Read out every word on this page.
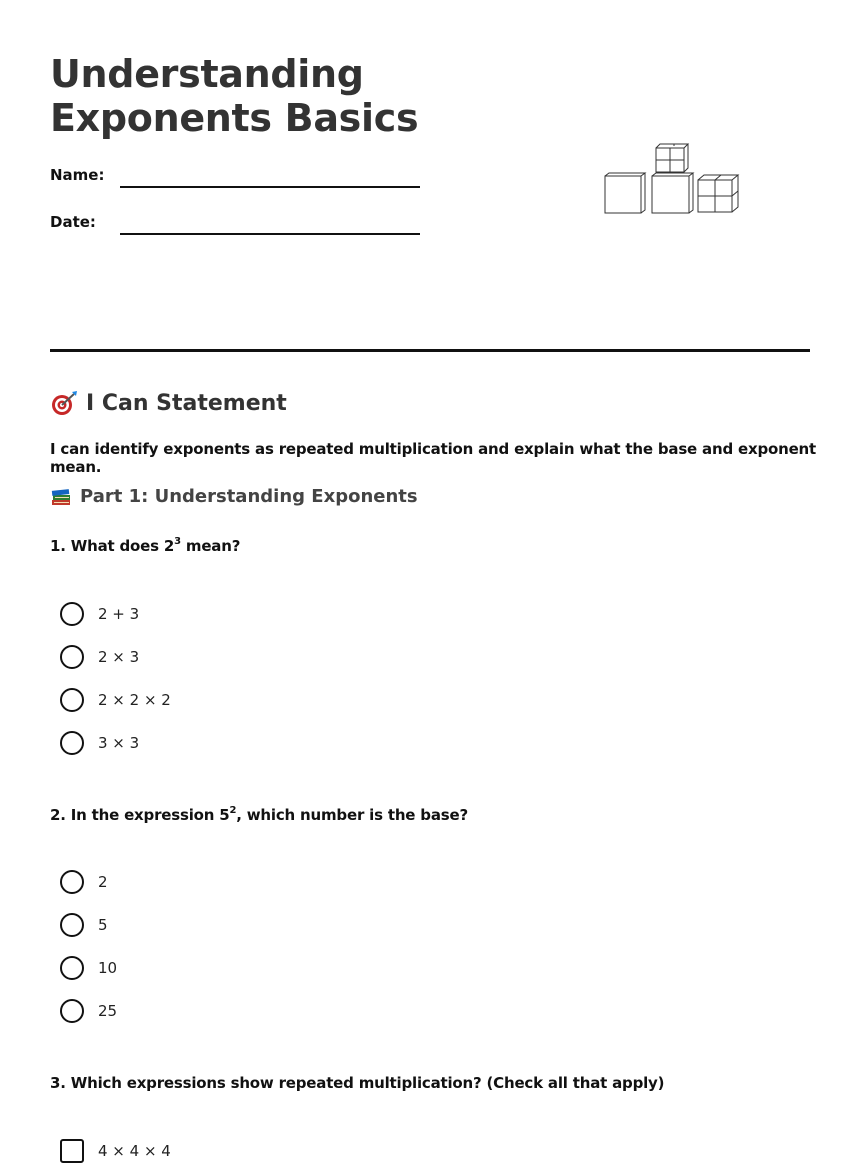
Understanding
Exponents Basics
Name:
Date:
I Can Statement

I can identify exponents as repeated multiplication and explain what the base and exponent mean.

Part 1: Understanding Exponents

1. What does $2^3$ mean?

2 + 3
2 × 3
2 × 2 × 2
3 × 3

2. In the expression $5^2$, which number is the base?

2
5
10
25

3. Which expressions show repeated multiplication? (Check all that apply)

4 × 4 × 4
